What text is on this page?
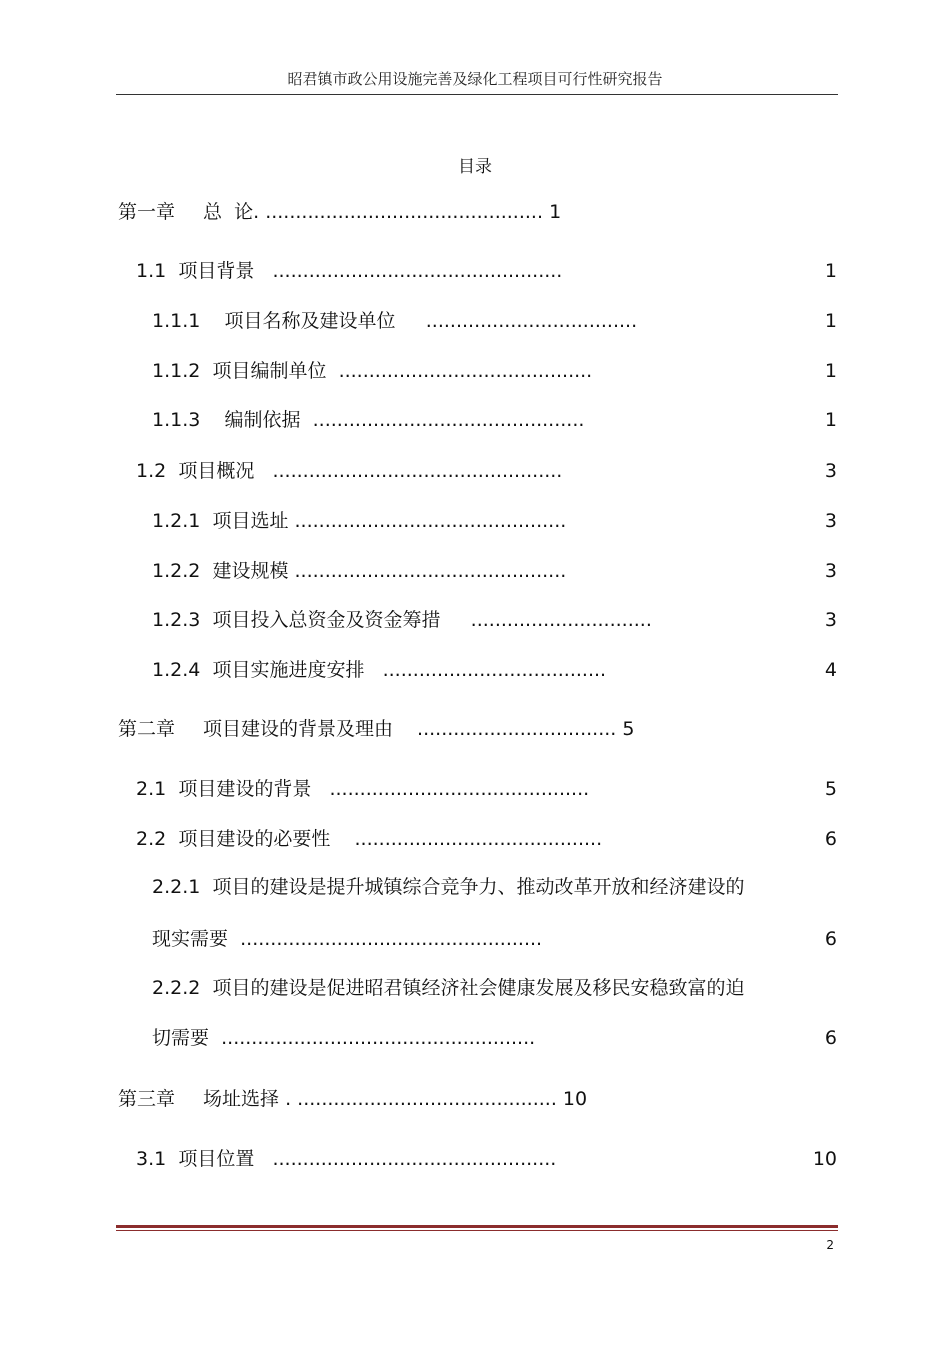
昭君镇市政公用设施完善及绿化工程项目可行性研究报告
目录
第一章 总  论. .............................................. 1
1.1 项目背景 ................................................	1
1.1.1 项目名称及建设单位 ...................................	1
1.1.2 项目编制单位 ..........................................	1
1.1.3 编制依据 .............................................	1
1.2 项目概况 ................................................	3
1.2.1 项目选址 .............................................	3
1.2.2 建设规模 .............................................	3
1.2.3 项目投入总资金及资金筹措 ..............................	3
1.2.4 项目实施进度安排 .....................................	4
第二章 项目建设的背景及理由 ................................. 5
2.1 项目建设的背景 ...........................................	5
2.2 项目建设的必要性 .........................................	6
2.2.1 项目的建设是提升城镇综合竞争力、推动改革开放和经济建设的
现实需要 ..................................................	6
2.2.2 项目的建设是促进昭君镇经济社会健康发展及移民安稳致富的迫
切需要 ....................................................	6
第三章 场址选择 . ........................................... 10
3.1 项目位置 ...............................................	10
2
